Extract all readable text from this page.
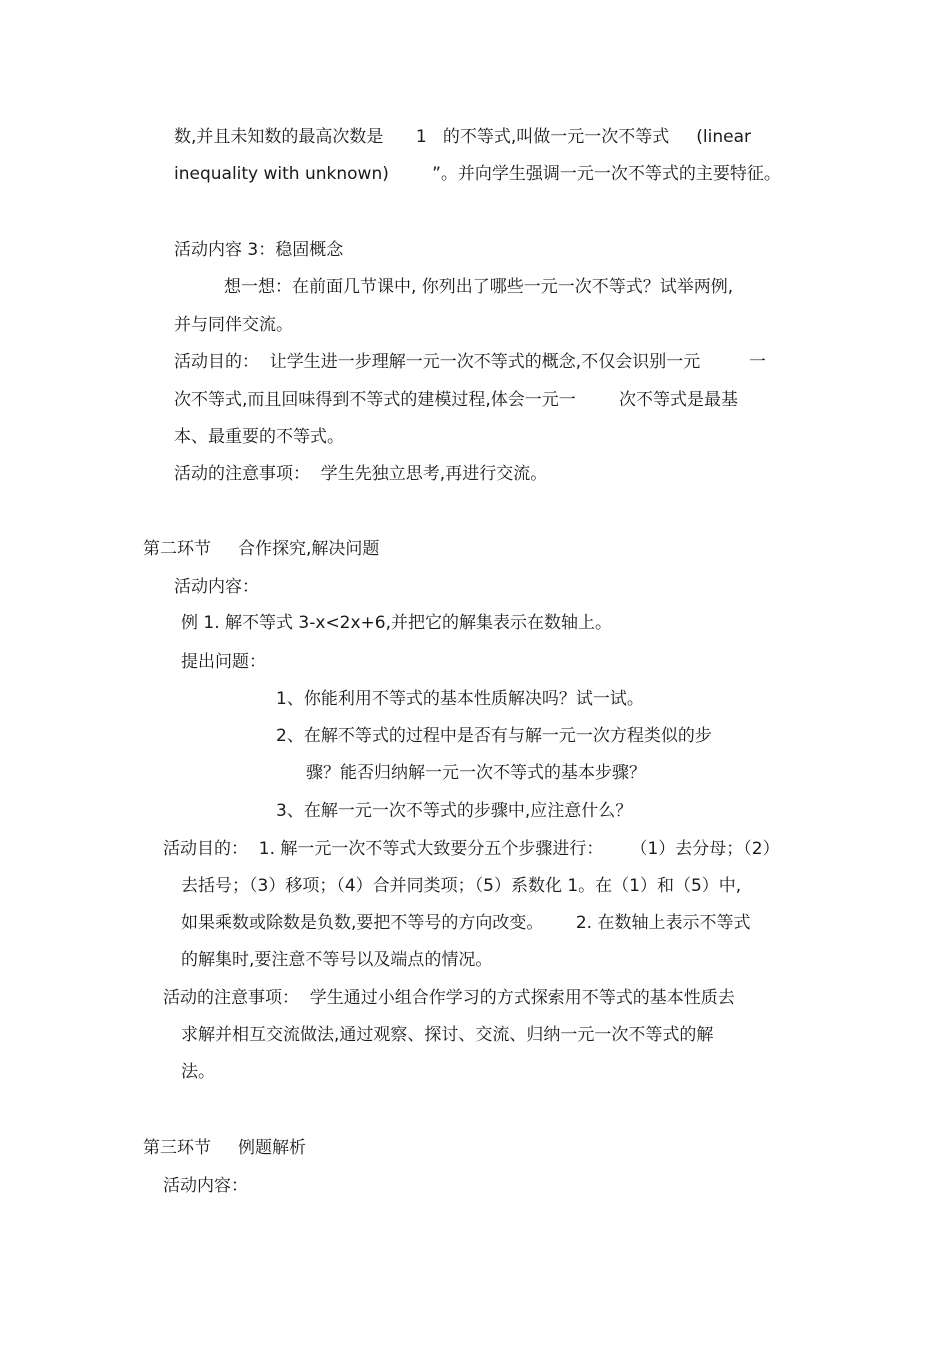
数,并且未知数的最高次数是      1   的不等式,叫做一元一次不等式     (linear
inequality with unknown)        ”。并向学生强调一元一次不等式的主要特征。
活动内容 3：稳固概念
想一想：在前面几节课中, 你列出了哪些一元一次不等式？试举两例,
并与同伴交流。
活动目的：  让学生进一步理解一元一次不等式的概念,不仅会识别一元         一
次不等式,而且回味得到不等式的建模过程,体会一元一        次不等式是最基
本、最重要的不等式。
活动的注意事项：  学生先独立思考,再进行交流。
第二环节     合作探究,解决问题
活动内容：
例 1. 解不等式 3-x<2x+6,并把它的解集表示在数轴上。
提出问题：
1、你能利用不等式的基本性质解决吗？试一试。
2、在解不等式的过程中是否有与解一元一次方程类似的步
骤？能否归纳解一元一次不等式的基本步骤？
3、在解一元一次不等式的步骤中,应注意什么？
活动目的：  1. 解一元一次不等式大致要分五个步骤进行：     （1）去分母；（2）
去括号；（3）移项；（4）合并同类项；（5）系数化 1。在（1）和（5）中,
如果乘数或除数是负数,要把不等号的方向改变。      2. 在数轴上表示不等式
的解集时,要注意不等号以及端点的情况。
活动的注意事项：  学生通过小组合作学习的方式探索用不等式的基本性质去
求解并相互交流做法,通过观察、探讨、交流、归纳一元一次不等式的解
法。
第三环节     例题解析
活动内容：
